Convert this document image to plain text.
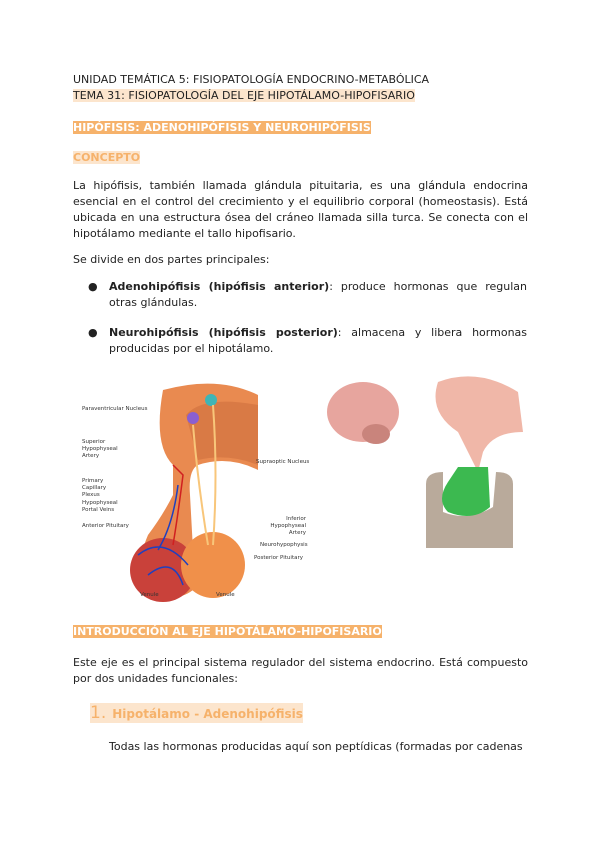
UNIDAD TEMÁTICA 5: FISIOPATOLOGÍA ENDOCRINO-METABÓLICA
TEMA 31: FISIOPATOLOGÍA DEL EJE HIPOTÁLAMO-HIPOFISARIO
HIPÓFISIS: ADENOHIPÓFISIS Y NEUROHIPÓFISIS
CONCEPTO
La hipófisis, también llamada glándula pituitaria, es una glándula endocrina esencial en el control del crecimiento y el equilibrio corporal (homeostasis). Está ubicada en una estructura ósea del cráneo llamada silla turca. Se conecta con el hipotálamo mediante el tallo hipofisario.
Se divide en dos partes principales:
● Adenohipófisis (hipófisis anterior): produce hormonas que regulan otras glándulas.
● Neurohipófisis (hipófisis posterior): almacena y libera hormonas producidas por el hipotálamo.
Paraventricular Nucleus
Superior Hypophyseal Artery
Primary Capillary Plexus
Hypophyseal Portal Veins
Anterior Pituitary
Supraoptic Nucleus
Inferior Hypophyseal Artery
Neurohypophysis
Posterior Pituitary
Venule	Venule
INTRODUCCIÓN AL EJE HIPOTÁLAMO-HIPOFISARIO
Este eje es el principal sistema regulador del sistema endocrino. Está compuesto por dos unidades funcionales:
1. Hipotálamo - Adenohipófisis
Todas las hormonas producidas aquí son peptídicas (formadas por cadenas
